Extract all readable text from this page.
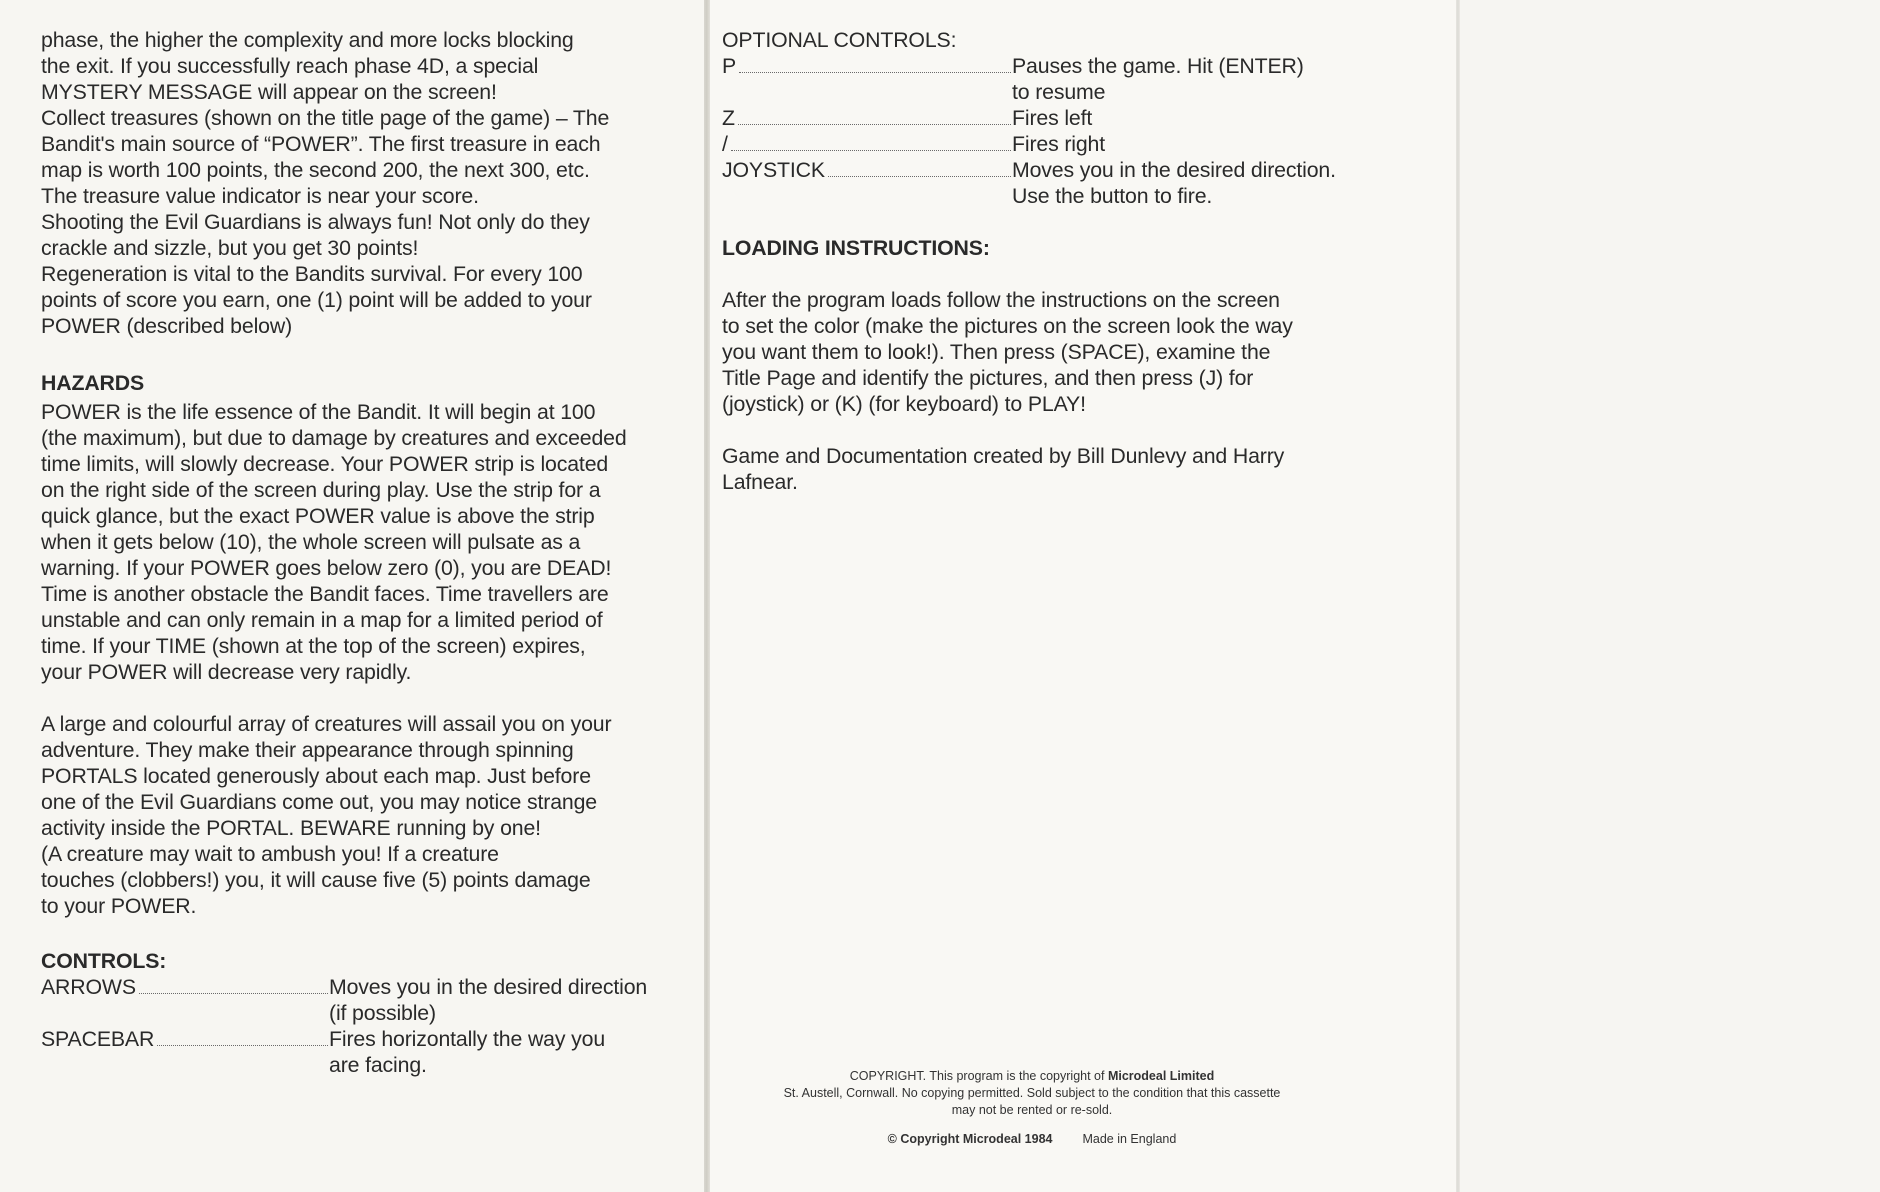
phase, the higher the complexity and more locks blocking
the exit. If you successfully reach phase 4D, a special
MYSTERY MESSAGE will appear on the screen!

Collect treasures (shown on the title page of the game) – The
Bandit's main source of “POWER”. The first treasure in each
map is worth 100 points, the second 200, the next 300, etc.
The treasure value indicator is near your score.

Shooting the Evil Guardians is always fun! Not only do they
crackle and sizzle, but you get 30 points!

Regeneration is vital to the Bandits survival. For every 100
points of score you earn, one (1) point will be added to your
POWER (described below)

HAZARDS

POWER is the life essence of the Bandit. It will begin at 100
(the maximum), but due to damage by creatures and exceeded
time limits, will slowly decrease. Your POWER strip is located
on the right side of the screen during play. Use the strip for a
quick glance, but the exact POWER value is above the strip
when it gets below (10), the whole screen will pulsate as a
warning. If your POWER goes below zero (0), you are DEAD!

Time is another obstacle the Bandit faces. Time travellers are
unstable and can only remain in a map for a limited period of
time. If your TIME (shown at the top of the screen) expires,
your POWER will decrease very rapidly.

A large and colourful array of creatures will assail you on your
adventure. They make their appearance through spinning
PORTALS located generously about each map. Just before
one of the Evil Guardians come out, you may notice strange
activity inside the PORTAL. BEWARE running by one!
(A creature may wait to ambush you! If a creature
touches (clobbers!) you, it will cause five (5) points damage
to your POWER.

CONTROLS:

ARROWS	Moves you in the desired direction
(if possible)
SPACEBAR	Fires horizontally the way you
are facing.

OPTIONAL CONTROLS:

P	Pauses the game. Hit (ENTER)
to resume
Z	Fires left
/	Fires right
JOYSTICK	Moves you in the desired direction.
Use the button to fire.

LOADING INSTRUCTIONS:

After the program loads follow the instructions on the screen
to set the color (make the pictures on the screen look the way
you want them to look!). Then press (SPACE), examine the
Title Page and identify the pictures, and then press (J) for
(joystick) or (K) (for keyboard) to PLAY!

Game and Documentation created by Bill Dunlevy and Harry
Lafnear.

COPYRIGHT. This program is the copyright of Microdeal Limited
St. Austell, Cornwall. No copying permitted. Sold subject to the condition that this cassette
may not be rented or re-sold.
© Copyright Microdeal 1984 Made in England
